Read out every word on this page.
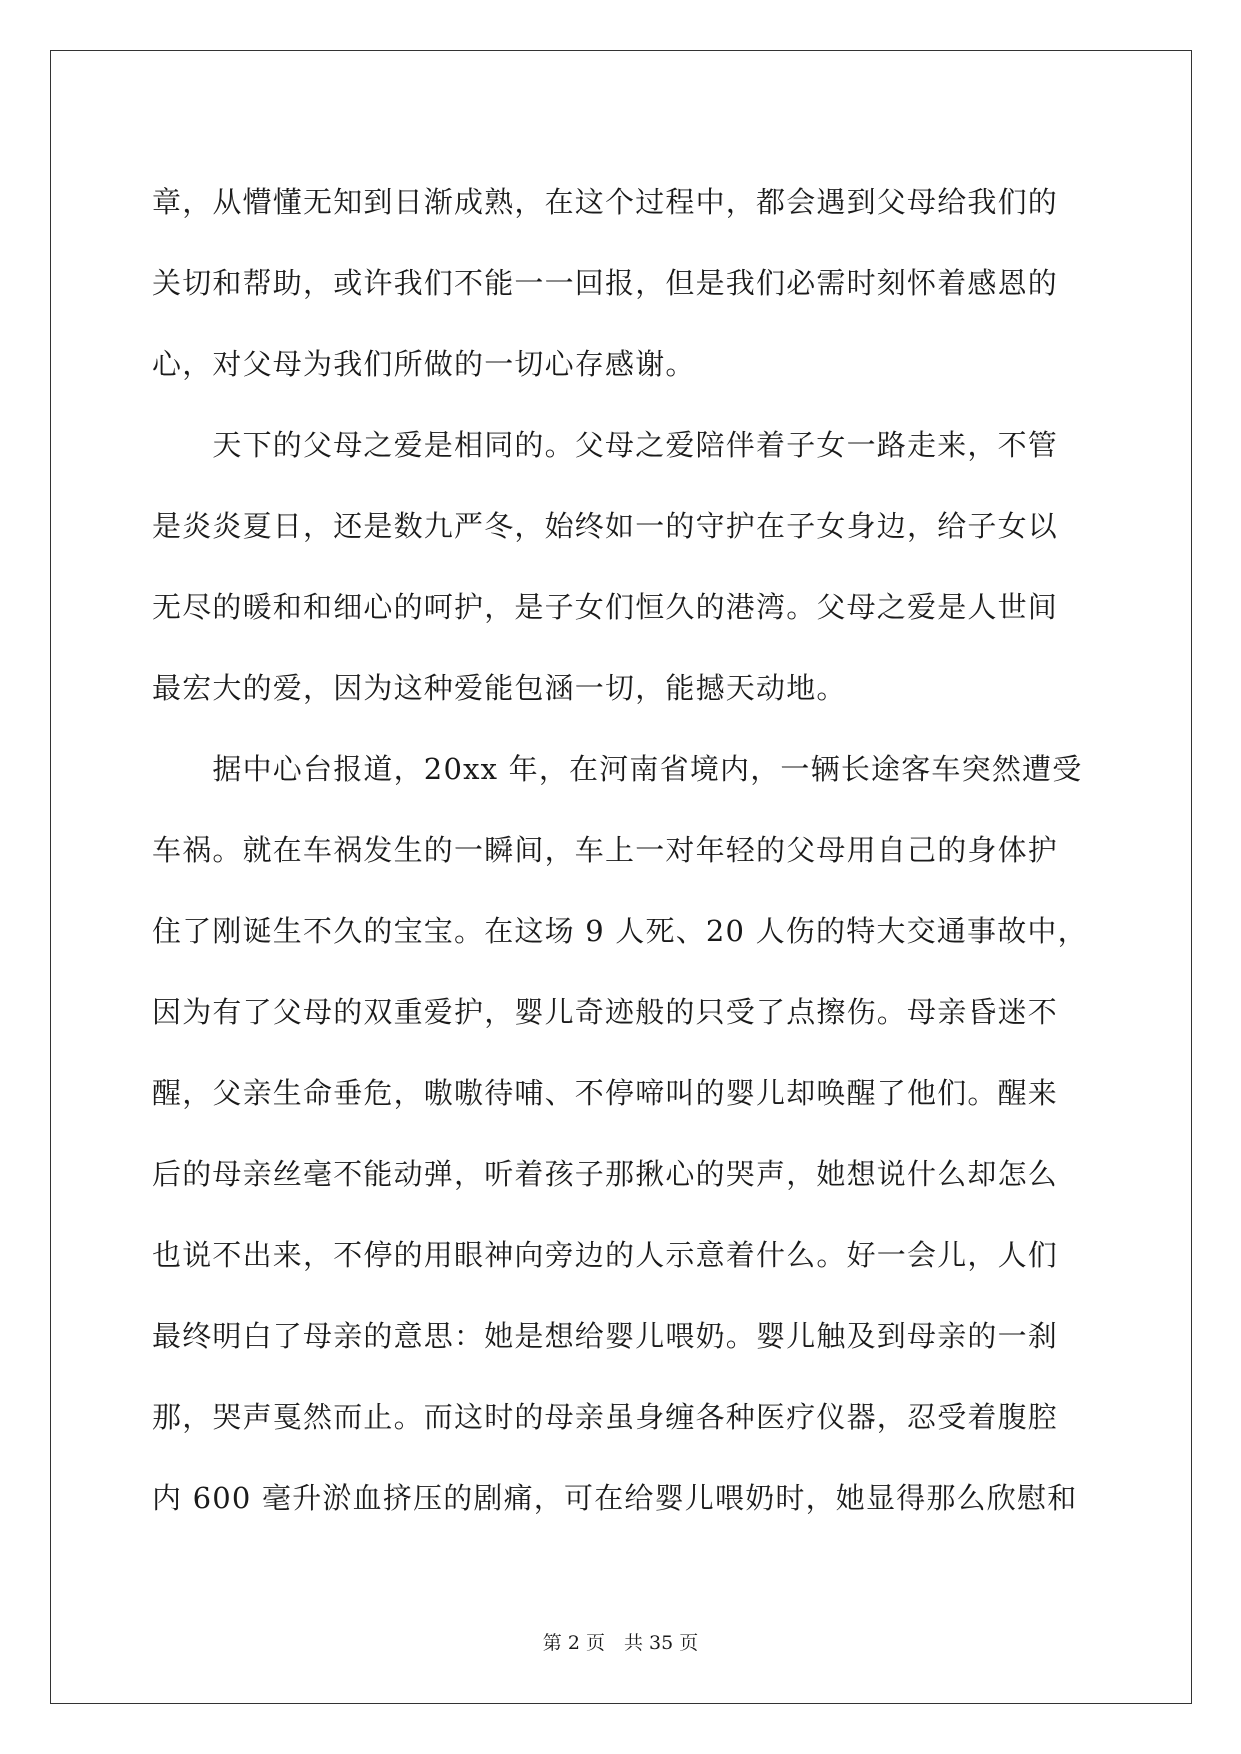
章，从懵懂无知到日渐成熟，在这个过程中，都会遇到父母给我们的
关切和帮助，或许我们不能一一回报，但是我们必需时刻怀着感恩的
心，对父母为我们所做的一切心存感谢。
　　天下的父母之爱是相同的。父母之爱陪伴着子女一路走来，不管
是炎炎夏日，还是数九严冬，始终如一的守护在子女身边，给子女以
无尽的暖和和细心的呵护，是子女们恒久的港湾。父母之爱是人世间
最宏大的爱，因为这种爱能包涵一切，能撼天动地。
　　据中心台报道，20xx 年，在河南省境内，一辆长途客车突然遭受
车祸。就在车祸发生的一瞬间，车上一对年轻的父母用自己的身体护
住了刚诞生不久的宝宝。在这场 9 人死、20 人伤的特大交通事故中，
因为有了父母的双重爱护，婴儿奇迹般的只受了点擦伤。母亲昏迷不
醒，父亲生命垂危，嗷嗷待哺、不停啼叫的婴儿却唤醒了他们。醒来
后的母亲丝毫不能动弹，听着孩子那揪心的哭声，她想说什么却怎么
也说不出来，不停的用眼神向旁边的人示意着什么。好一会儿，人们
最终明白了母亲的意思：她是想给婴儿喂奶。婴儿触及到母亲的一刹
那，哭声戛然而止。而这时的母亲虽身缠各种医疗仪器，忍受着腹腔
内 600 毫升淤血挤压的剧痛，可在给婴儿喂奶时，她显得那么欣慰和
第 2 页　共 35 页
